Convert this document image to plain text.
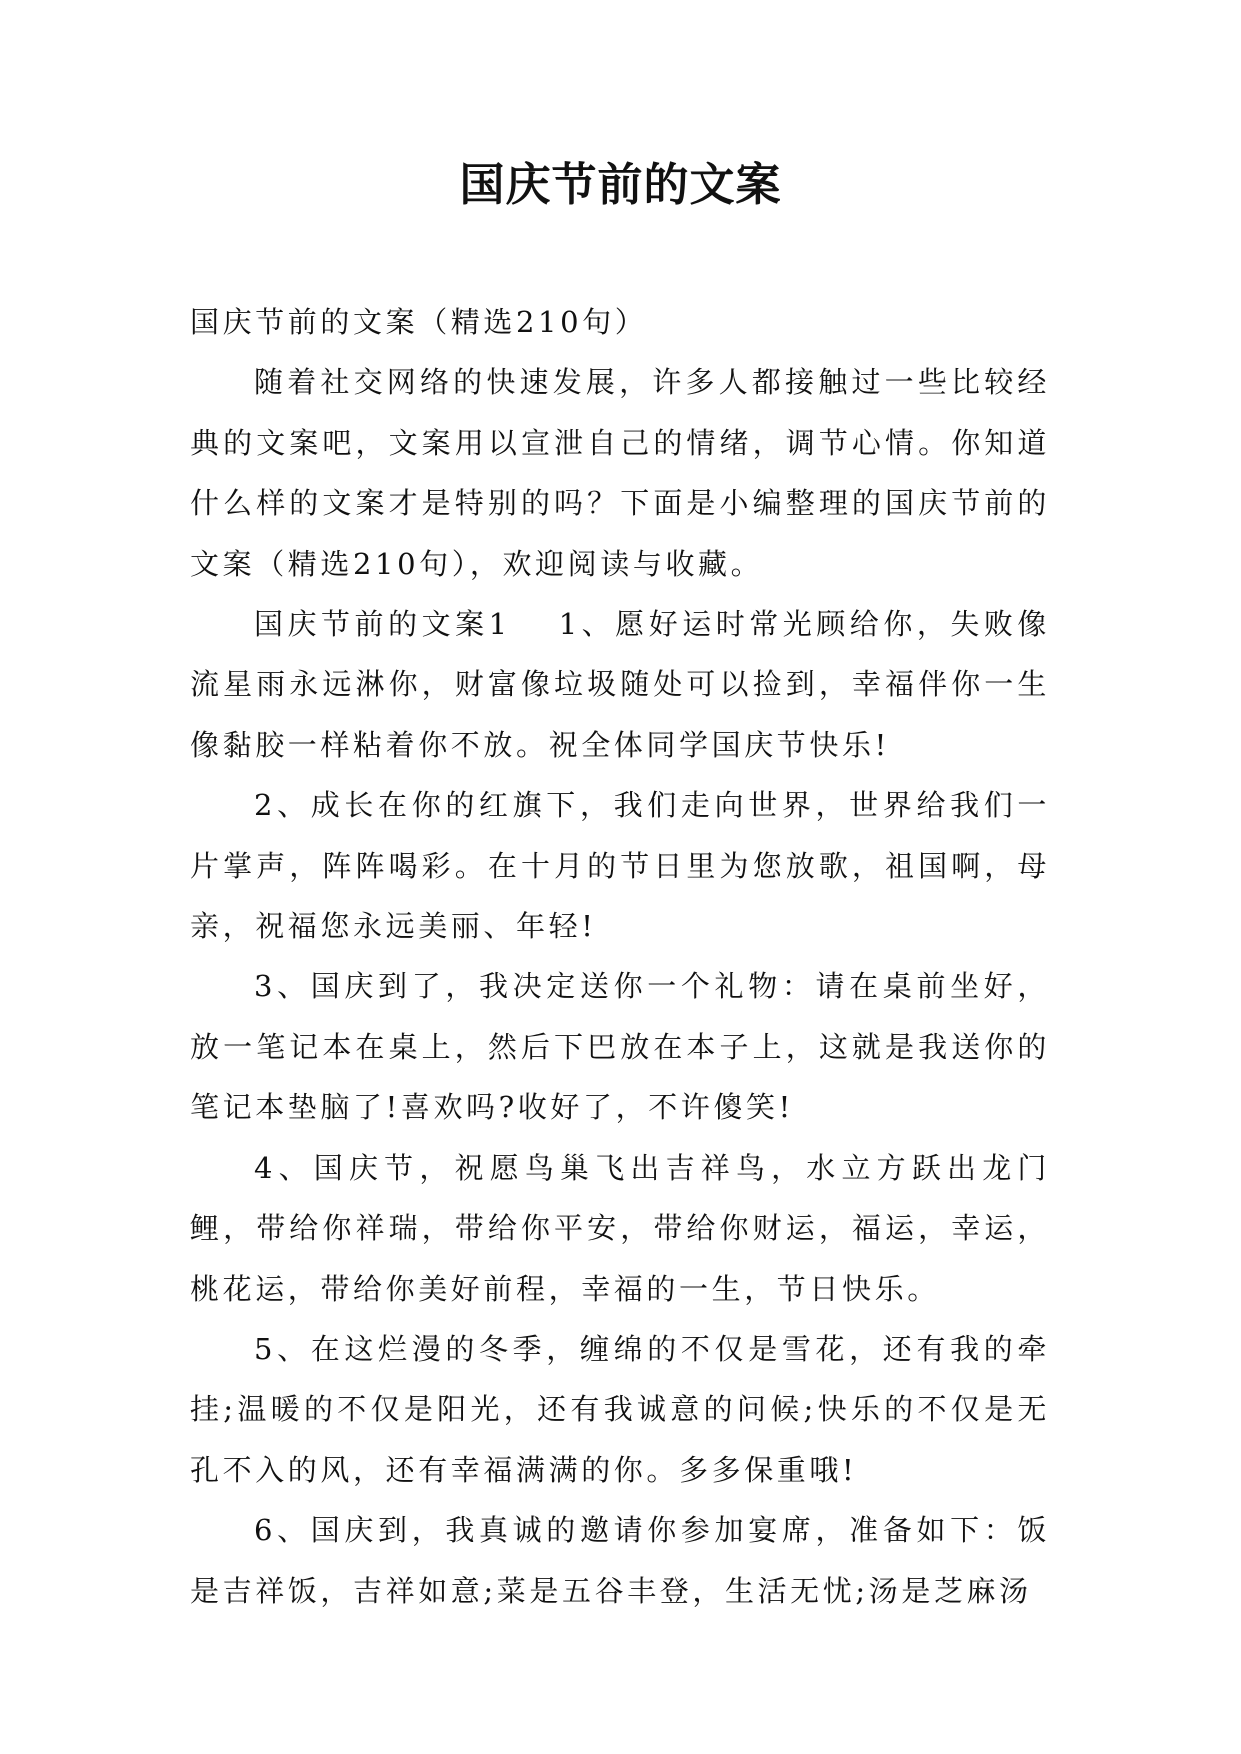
国庆节前的文案

国庆节前的文案（精选210句）

随着社交网络的快速发展，许多人都接触过一些比较经典的文案吧，文案用以宣泄自己的情绪，调节心情。你知道什么样的文案才是特别的吗？下面是小编整理的国庆节前的文案（精选210句），欢迎阅读与收藏。

国庆节前的文案1 1、愿好运时常光顾给你，失败像流星雨永远淋你，财富像垃圾随处可以捡到，幸福伴你一生像黏胶一样粘着你不放。祝全体同学国庆节快乐!

2、成长在你的红旗下，我们走向世界，世界给我们一片掌声，阵阵喝彩。在十月的节日里为您放歌，祖国啊，母亲，祝福您永远美丽、年轻!

3、国庆到了，我决定送你一个礼物：请在桌前坐好，放一笔记本在桌上，然后下巴放在本子上，这就是我送你的笔记本垫脑了!喜欢吗?收好了，不许傻笑!

4、国庆节，祝愿鸟巢飞出吉祥鸟，水立方跃出龙门鲤，带给你祥瑞，带给你平安，带给你财运，福运，幸运，桃花运，带给你美好前程，幸福的一生，节日快乐。

5、在这烂漫的冬季，缠绵的不仅是雪花，还有我的牵挂;温暖的不仅是阳光，还有我诚意的问候;快乐的不仅是无孔不入的风，还有幸福满满的你。多多保重哦!

6、国庆到，我真诚的邀请你参加宴席，准备如下：饭是吉祥饭，吉祥如意;菜是五谷丰登，生活无忧;汤是芝麻汤
